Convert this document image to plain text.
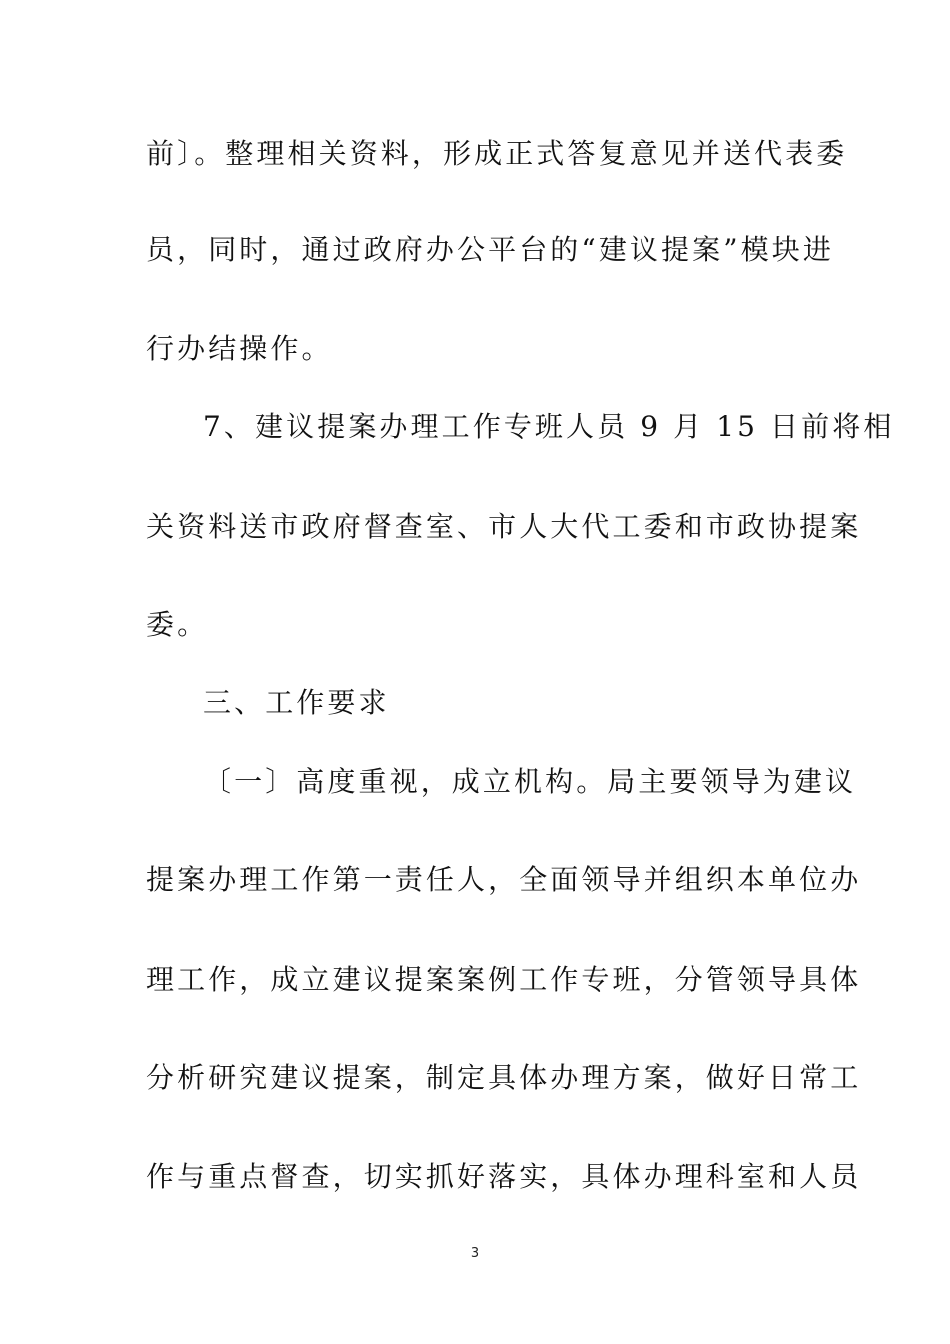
前〕。整理相关资料，形成正式答复意见并送代表委
员，同时，通过政府办公平台的“建议提案”模块进
行办结操作。
7、建议提案办理工作专班人员 9 月 15 日前将相
关资料送市政府督查室、市人大代工委和市政协提案
委。
三、工作要求
〔一〕高度重视，成立机构。局主要领导为建议
提案办理工作第一责任人，全面领导并组织本单位办
理工作，成立建议提案案例工作专班，分管领导具体
分析研究建议提案，制定具体办理方案，做好日常工
作与重点督查，切实抓好落实，具体办理科室和人员
3
